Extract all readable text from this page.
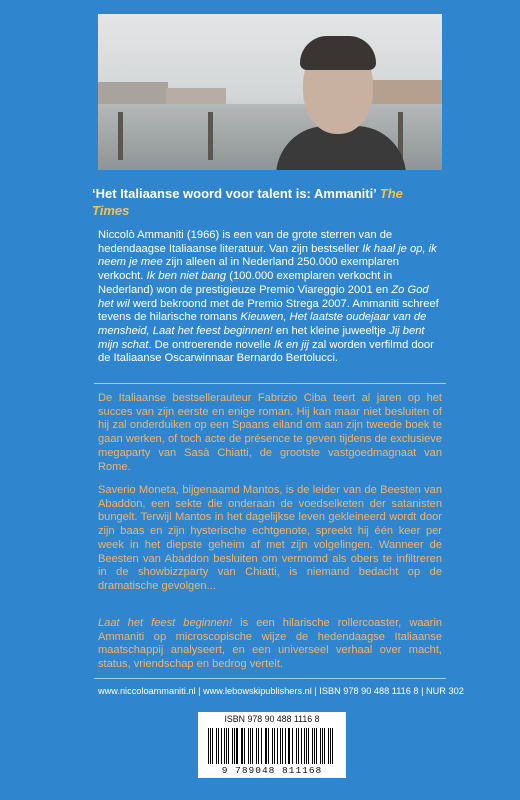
‘Het Italiaanse woord voor talent is: Ammaniti’ The Times

Niccolò Ammaniti (1966) is een van de grote sterren van de hedendaagse Italiaanse literatuur. Van zijn bestseller Ik haal je op, ik neem je mee zijn alleen al in Nederland 250.000 exemplaren verkocht. Ik ben niet bang (100.000 exemplaren verkocht in Nederland) won de prestigieuze Premio Viareggio 2001 en Zo God het wil werd bekroond met de Premio Strega 2007. Ammaniti schreef tevens de hilarische romans Kieuwen, Het laatste oudejaar van de mensheid, Laat het feest beginnen! en het kleine juweeltje Jij bent mijn schat. De ontroerende novelle Ik en jij zal worden verfilmd door de Italiaanse Oscarwinnaar Bernardo Bertolucci.

De Italiaanse bestsellerauteur Fabrizio Ciba teert al jaren op het succes van zijn eerste en enige roman. Hij kan maar niet besluiten of hij zal onderduiken op een Spaans eiland om aan zijn tweede boek te gaan werken, of toch acte de présence te geven tijdens de exclusieve megaparty van Sasà Chiatti, de grootste vastgoedmagnaat van Rome.

Saverio Moneta, bijgenaamd Mantos, is de leider van de Beesten van Abaddon, een sekte die onderaan de voedselketen der satanisten bungelt. Terwijl Mantos in het dagelijkse leven gekleineerd wordt door zijn baas en zijn hysterische echtgenote, spreekt hij één keer per week in het diepste geheim af met zijn volgelingen. Wanneer de Beesten van Abaddon besluiten om vermomd als obers te infiltreren in de showbizzparty van Chiatti, is niemand bedacht op de dramatische gevolgen...

Laat het feest beginnen! is een hilarische rollercoaster, waarin Ammaniti op microscopische wijze de hedendaagse Italiaanse maatschappij analyseert, en een universeel verhaal over macht, status, vriendschap en bedrog vertelt.

www.niccoloammaniti.nl | www.lebowskipublishers.nl | ISBN 978 90 488 1116 8 | NUR 302
ISBN 978 90 488 1116 8
9 789048 811168
